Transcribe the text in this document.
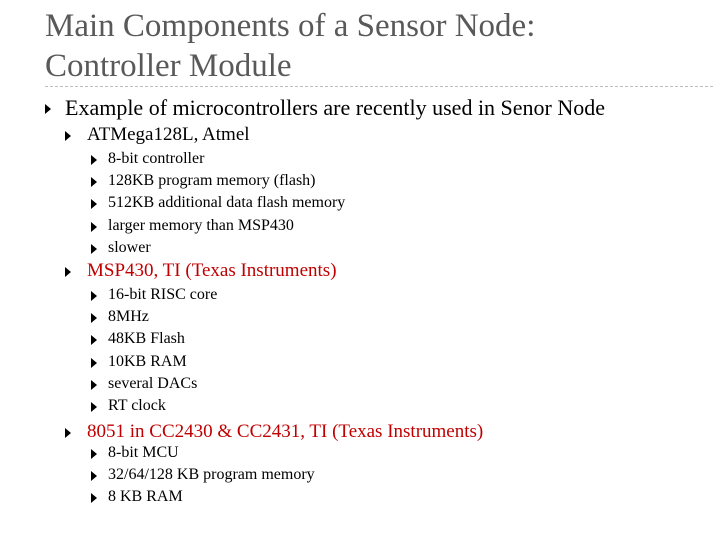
Main Components of a Sensor Node:
Controller Module
Example of microcontrollers are recently used in Senor Node
ATMega128L, Atmel
8-bit controller
128KB program memory (flash)
512KB additional data flash memory
larger memory than MSP430
slower
MSP430, TI (Texas Instruments)
16-bit RISC core
8MHz
48KB Flash
10KB RAM
several DACs
RT clock
8051 in CC2430 & CC2431, TI (Texas Instruments)
8-bit MCU
32/64/128 KB program memory
8 KB RAM
